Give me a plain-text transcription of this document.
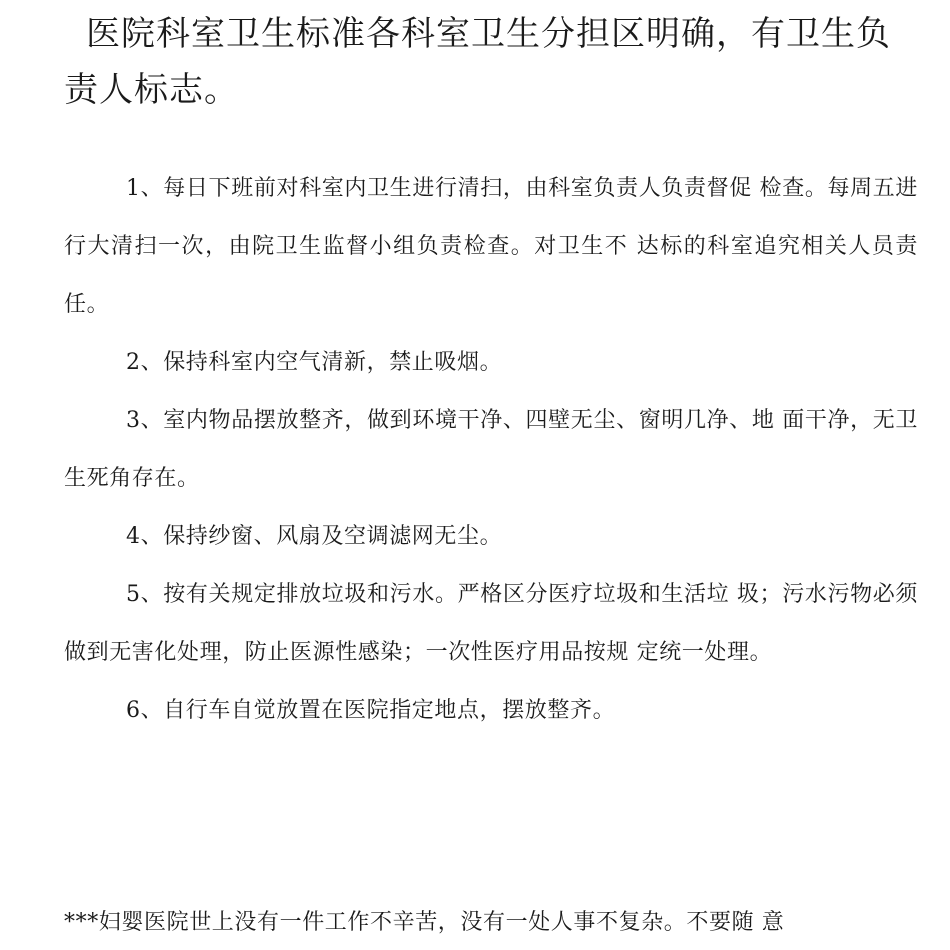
医院科室卫生标准各科室卫生分担区明确，有卫生负责人标志。

1、每日下班前对科室内卫生进行清扫，由科室负责人负责督促 检查。每周五进行大清扫一次，由院卫生监督小组负责检查。对卫生不 达标的科室追究相关人员责任。

2、保持科室内空气清新，禁止吸烟。

3、室内物品摆放整齐，做到环境干净、四壁无尘、窗明几净、地 面干净，无卫生死角存在。

4、保持纱窗、风扇及空调滤网无尘。

5、按有关规定排放垃圾和污水。严格区分医疗垃圾和生活垃 圾；污水污物必须做到无害化处理，防止医源性感染；一次性医疗用品按规 定统一处理。

6、自行车自觉放置在医院指定地点，摆放整齐。

***妇婴医院世上没有一件工作不辛苦，没有一处人事不复杂。不要随 意
